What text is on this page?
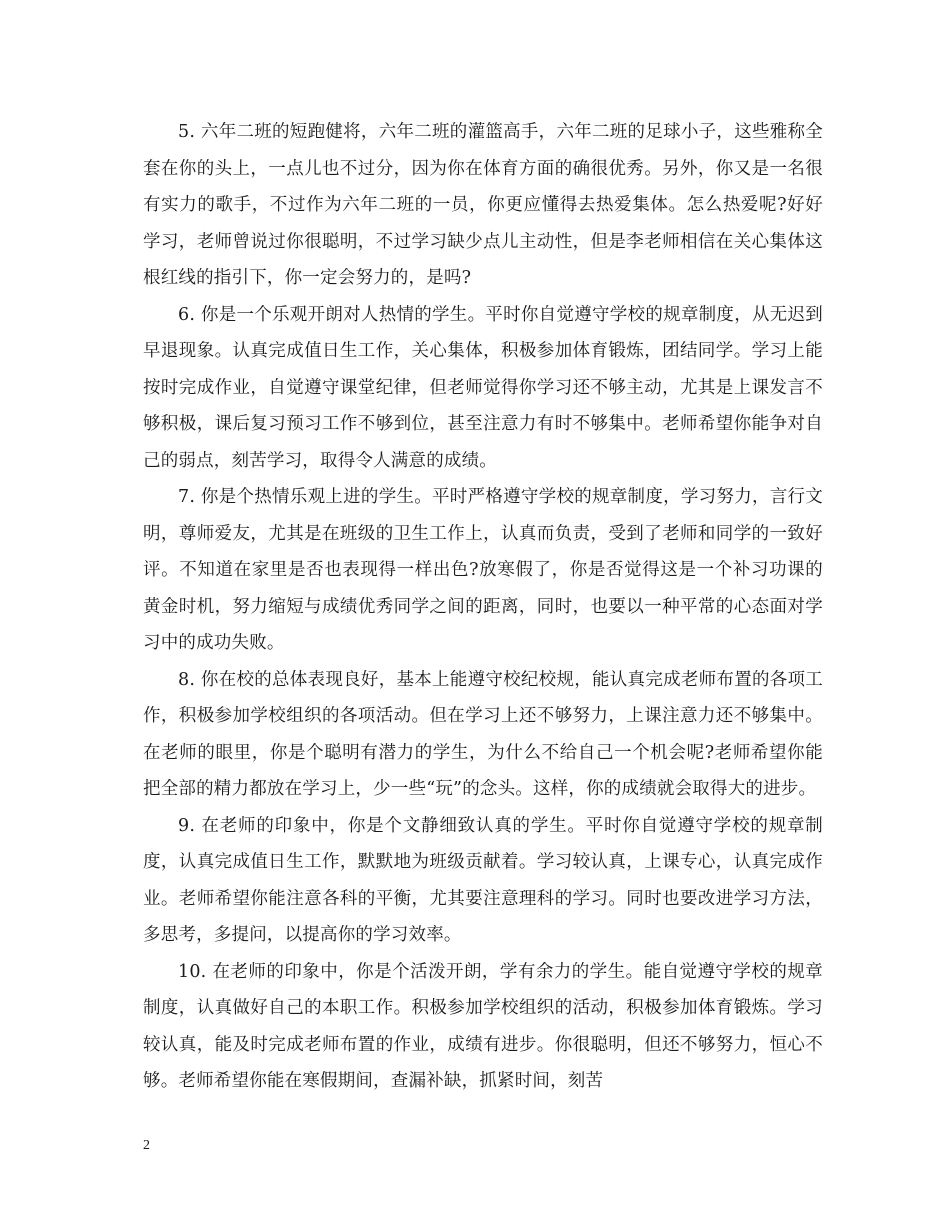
5. 六年二班的短跑健将，六年二班的灌篮高手，六年二班的足球小子，这些雅称全套在你的头上，一点儿也不过分，因为你在体育方面的确很优秀。另外，你又是一名很有实力的歌手，不过作为六年二班的一员，你更应懂得去热爱集体。怎么热爱呢?好好学习，老师曾说过你很聪明，不过学习缺少点儿主动性，但是李老师相信在关心集体这根红线的指引下，你一定会努力的，是吗?

6. 你是一个乐观开朗对人热情的学生。平时你自觉遵守学校的规章制度，从无迟到早退现象。认真完成值日生工作，关心集体，积极参加体育锻炼，团结同学。学习上能按时完成作业，自觉遵守课堂纪律，但老师觉得你学习还不够主动，尤其是上课发言不够积极，课后复习预习工作不够到位，甚至注意力有时不够集中。老师希望你能争对自己的弱点，刻苦学习，取得令人满意的成绩。

7. 你是个热情乐观上进的学生。平时严格遵守学校的规章制度，学习努力，言行文明，尊师爱友，尤其是在班级的卫生工作上，认真而负责，受到了老师和同学的一致好评。不知道在家里是否也表现得一样出色?放寒假了，你是否觉得这是一个补习功课的黄金时机，努力缩短与成绩优秀同学之间的距离，同时，也要以一种平常的心态面对学习中的成功失败。

8. 你在校的总体表现良好，基本上能遵守校纪校规，能认真完成老师布置的各项工作，积极参加学校组织的各项活动。但在学习上还不够努力，上课注意力还不够集中。在老师的眼里，你是个聪明有潜力的学生，为什么不给自己一个机会呢?老师希望你能把全部的精力都放在学习上，少一些“玩”的念头。这样，你的成绩就会取得大的进步。

9. 在老师的印象中，你是个文静细致认真的学生。平时你自觉遵守学校的规章制度，认真完成值日生工作，默默地为班级贡献着。学习较认真，上课专心，认真完成作业。老师希望你能注意各科的平衡，尤其要注意理科的学习。同时也要改进学习方法，多思考，多提问，以提高你的学习效率。

10. 在老师的印象中，你是个活泼开朗，学有余力的学生。能自觉遵守学校的规章制度，认真做好自己的本职工作。积极参加学校组织的活动，积极参加体育锻炼。学习较认真，能及时完成老师布置的作业，成绩有进步。你很聪明，但还不够努力，恒心不够。老师希望你能在寒假期间，查漏补缺，抓紧时间，刻苦

2
